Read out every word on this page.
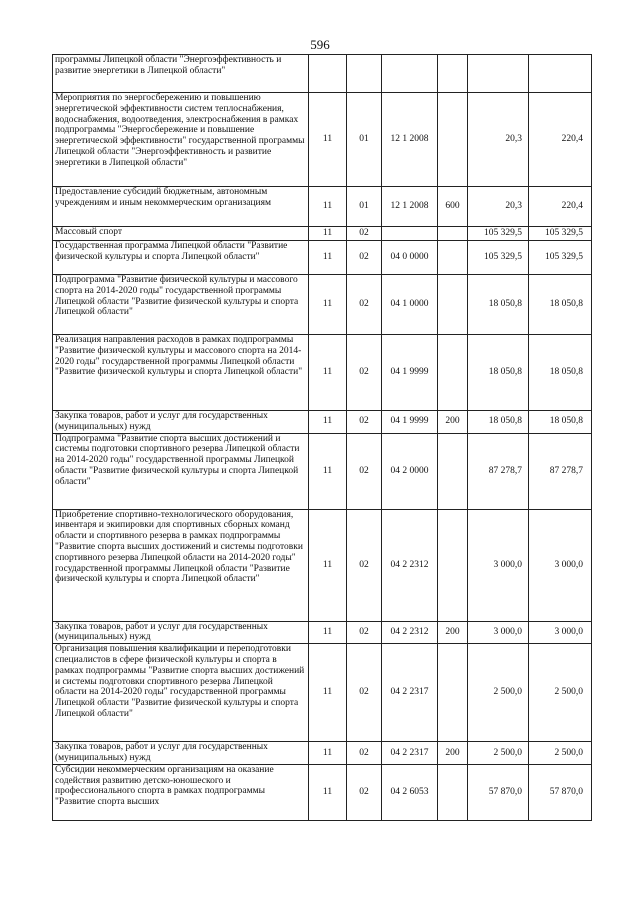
596
программы Липецкой области "Энергоэффективность и развитие энергетики в Липецкой области"						
Мероприятия по энергосбережению и повышению энергетической эффективности систем теплоснабжения, водоснабжения, водоотведения, электроснабжения в рамках подпрограммы "Энергосбережение и повышение энергетической эффективности" государственной программы Липецкой области "Энергоэффективность и развитие энергетики в Липецкой области"	11	01	12 1 2008		20,3	220,4
Предоставление субсидий бюджетным, автономным учреждениям и иным некоммерческим организациям	11	01	12 1 2008	600	20,3	220,4
Массовый спорт	11	02			105 329,5	105 329,5
Государственная программа Липецкой области "Развитие физической культуры и спорта Липецкой области"	11	02	04 0 0000		105 329,5	105 329,5
Подпрограмма "Развитие физической культуры и массового спорта на 2014-2020 годы" государственной программы Липецкой области "Развитие физической культуры и спорта Липецкой области"	11	02	04 1 0000		18 050,8	18 050,8
Реализация направления расходов в рамках подпрограммы "Развитие физической культуры и массового спорта на 2014-2020 годы" государственной программы Липецкой области "Развитие физической культуры и спорта Липецкой области"	11	02	04 1 9999		18 050,8	18 050,8
Закупка товаров, работ и услуг для государственных (муниципальных) нужд	11	02	04 1 9999	200	18 050,8	18 050,8
Подпрограмма "Развитие спорта высших достижений и системы подготовки спортивного резерва Липецкой области на 2014-2020 годы" государственной программы Липецкой области "Развитие физической культуры и спорта Липецкой области"	11	02	04 2 0000		87 278,7	87 278,7
Приобретение спортивно-технологического оборудования, инвентаря и экипировки для спортивных сборных команд области и спортивного резерва в рамках подпрограммы "Развитие спорта высших достижений и системы подготовки спортивного резерва Липецкой области на 2014-2020 годы" государственной программы Липецкой области "Развитие физической культуры и спорта Липецкой области"	11	02	04 2 2312		3 000,0	3 000,0
Закупка товаров, работ и услуг для государственных (муниципальных) нужд	11	02	04 2 2312	200	3 000,0	3 000,0
Организация повышения квалификации и переподготовки специалистов в сфере физической культуры и спорта в рамках подпрограммы "Развитие спорта высших достижений и системы подготовки спортивного резерва Липецкой области на 2014-2020 годы" государственной программы Липецкой области "Развитие физической культуры и спорта Липецкой области"	11	02	04 2 2317		2 500,0	2 500,0
Закупка товаров, работ и услуг для государственных (муниципальных) нужд	11	02	04 2 2317	200	2 500,0	2 500,0
Субсидии некоммерческим организациям на оказание содействия развитию детско-юношеского и профессионального спорта в рамках подпрограммы "Развитие спорта высших	11	02	04 2 6053		57 870,0	57 870,0
